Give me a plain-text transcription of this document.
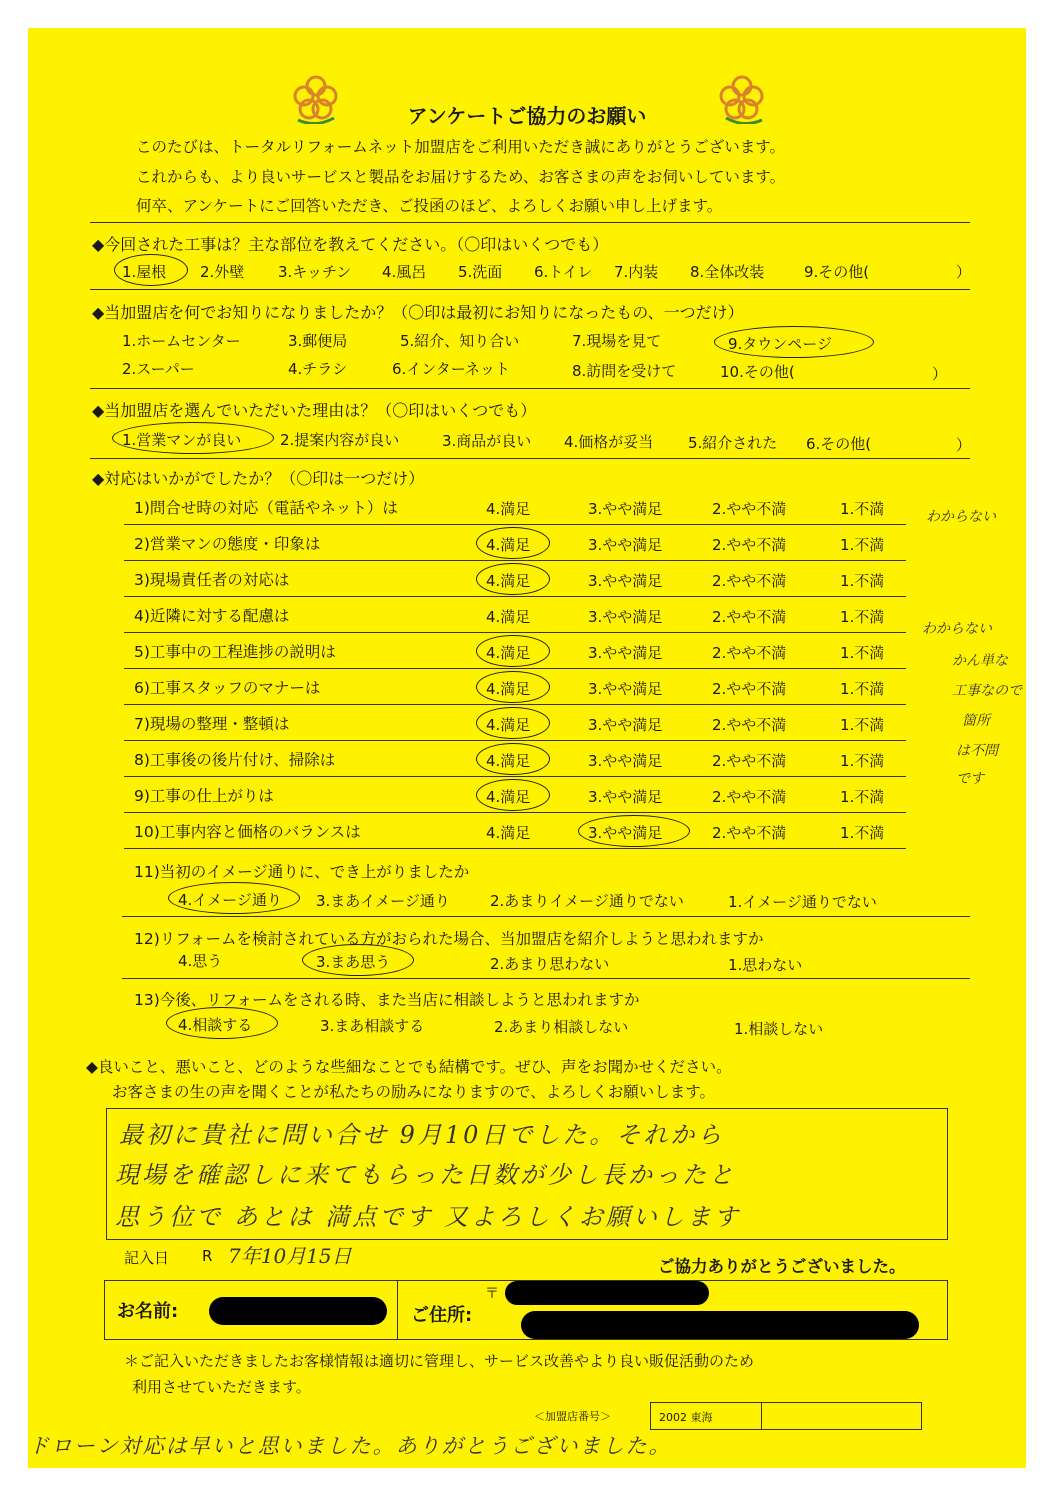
アンケートご協力のお願い
このたびは、トータルリフォームネット加盟店をご利用いただき誠にありがとうございます。
これからも、より良いサービスと製品をお届けするため、お客さまの声をお伺いしています。
何卒、アンケートにご回答いただき、ご投函のほど、よろしくお願い申し上げます。
◆今回された工事は？主な部位を教えてください。（〇印はいくつでも）
1.屋根 2.外壁 3.キッチン 4.風呂 5.洗面 6.トイレ 7.内装 8.全体改装	9.その他(	）
◆当加盟店を何でお知りになりましたか？（〇印は最初にお知りになったもの、一つだけ）
1.ホームセンター	3.郵便局	5.紹介、知り合い	7.現場を見て	9.タウンページ
2.スーパー	4.チラシ	6.インターネット	8.訪問を受けて	10.その他(	）
◆当加盟店を選んでいただいた理由は？（〇印はいくつでも）
1.営業マンが良い	2.提案内容が良い	3.商品が良い 4.価格が妥当 5.紹介された 6.その他(	）
◆対応はいかがでしたか？（〇印は一つだけ）
わからない
わからない
かん単な
工事なので
箇所
は不問
です
11)当初のイメージ通りに、でき上がりましたか
4.イメージ通り 3.まあイメージ通り	2.あまりイメージ通りでない	1.イメージ通りでない
12)リフォームを検討されている方がおられた場合、当加盟店を紹介しようと思われますか
4.思う	3.まあ思う	2.あまり思わない	1.思わない
13)今後、リフォームをされる時、また当店に相談しようと思われますか
4.相談する	3.まあ相談する	2.あまり相談しない	1.相談しない
◆良いこと、悪いこと、どのような些細なことでも結構です。ぜひ、声をお聞かせください。
お客さまの生の声を聞くことが私たちの励みになりますので、よろしくお願いします。
最初に貴社に問い合せ 9月10日でした。それから
現場を確認しに来てもらった日数が少し長かったと
思う位で あとは 満点です 又よろしくお願いします
記入日 R 7年10月15日	ご協力ありがとうございました。
お名前:	ご住所:
〒
＊ご記入いただきましたお客様情報は適切に管理し、サービス改善やより良い販促活動のため
利用させていただきます。
＜加盟店番号＞	2002 東海
ドローン対応は早いと思いました。ありがとうございました。
1)問合せ時の対応（電話やネット）は	4.満足	3.やや満足	2.やや不満	1.不満
2)営業マンの態度・印象は	4.満足	3.やや満足	2.やや不満	1.不満
3)現場責任者の対応は	4.満足	3.やや満足	2.やや不満	1.不満
4)近隣に対する配慮は	4.満足	3.やや満足	2.やや不満	1.不満
5)工事中の工程進捗の説明は	4.満足	3.やや満足	2.やや不満	1.不満
6)工事スタッフのマナーは	4.満足	3.やや満足	2.やや不満	1.不満
7)現場の整理・整頓は	4.満足	3.やや満足	2.やや不満	1.不満
8)工事後の後片付け、掃除は	4.満足	3.やや満足	2.やや不満	1.不満
9)工事の仕上がりは	4.満足	3.やや満足	2.やや不満	1.不満
10)工事内容と価格のバランスは	4.満足	3.やや満足	2.やや不満	1.不満
